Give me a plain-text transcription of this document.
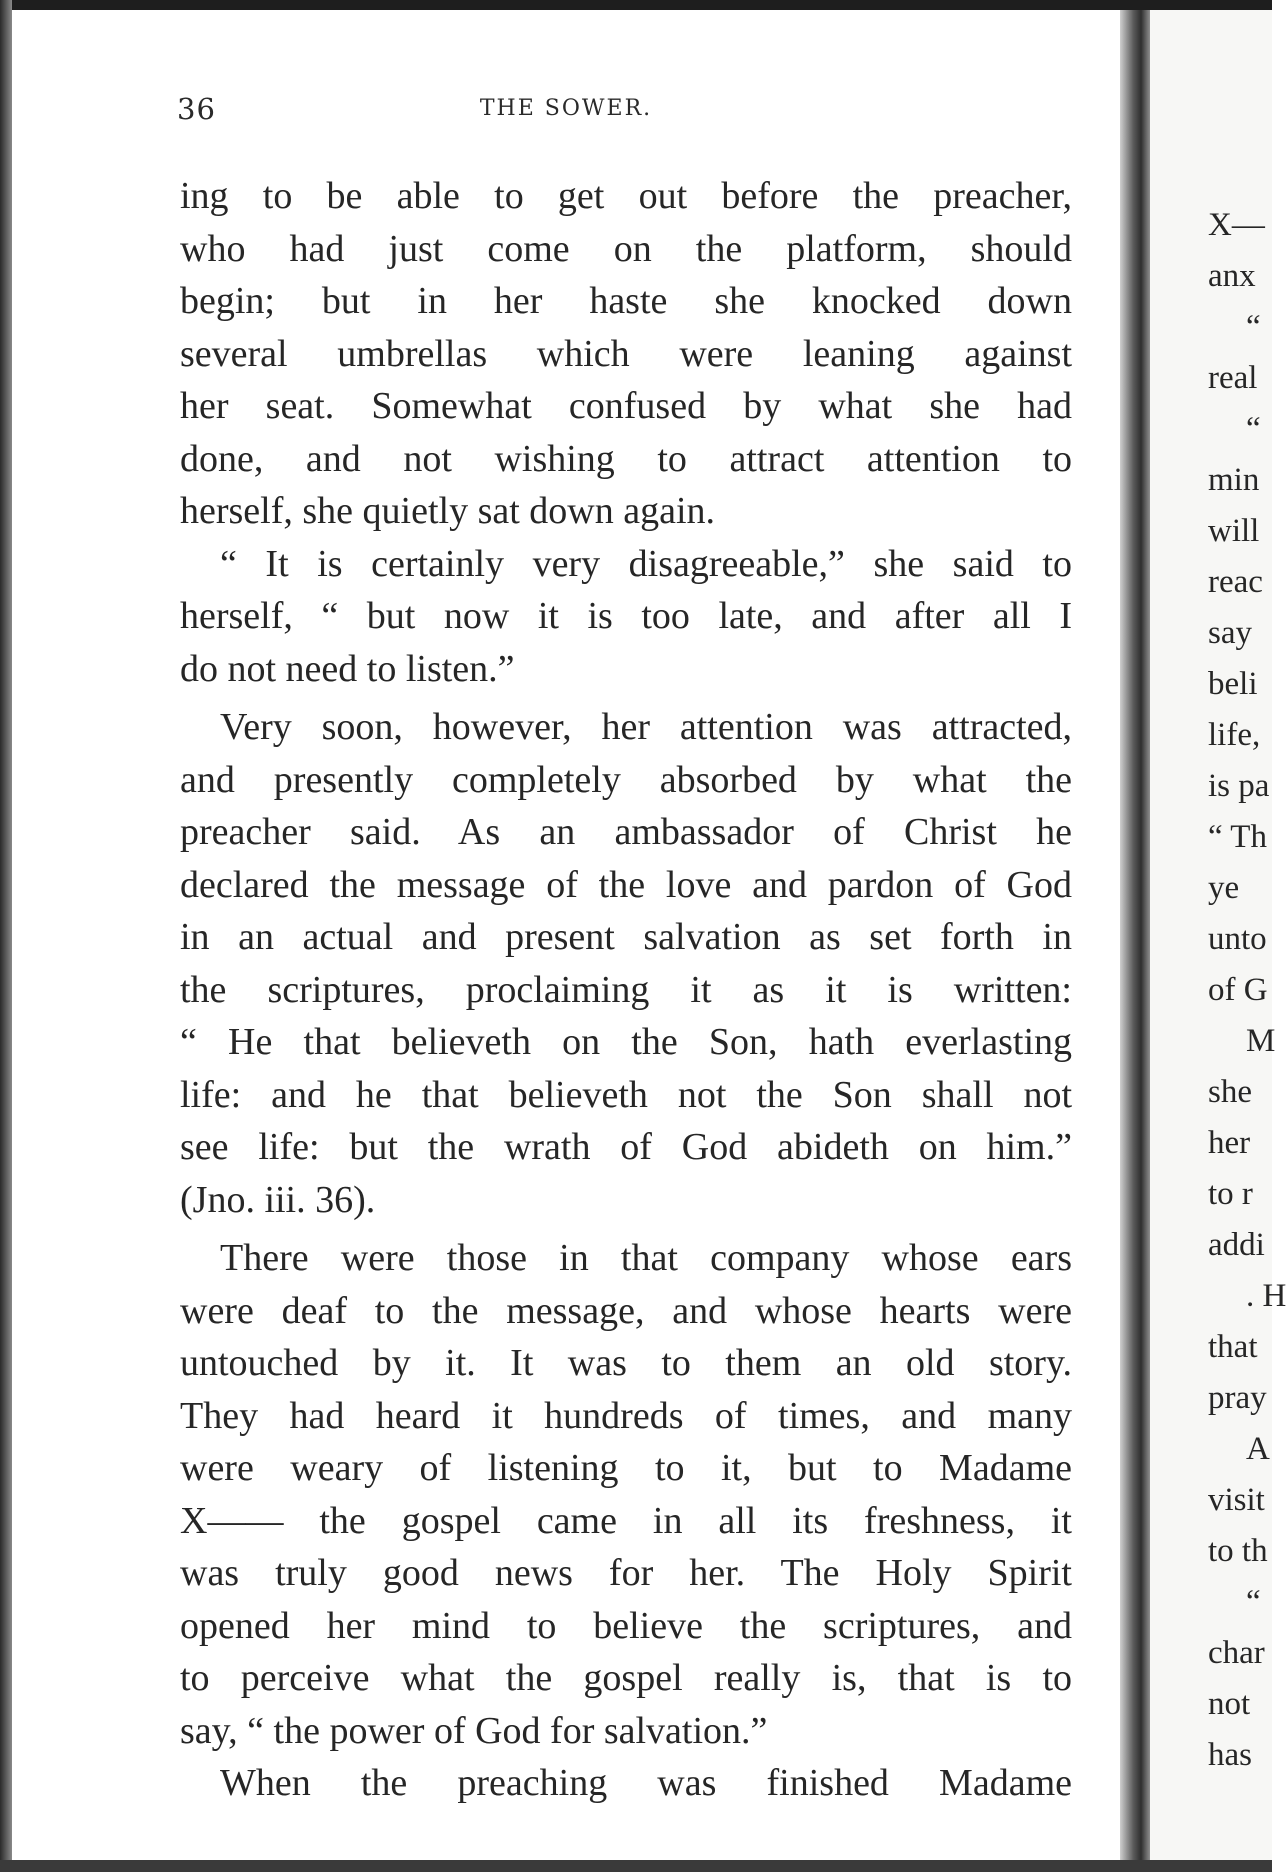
THE SOWER.
36
ing to be able to get out before the preacher,
who had just come on the platform, should
begin; but in her haste she knocked down
several umbrellas which were leaning against
her seat. Somewhat confused by what she had
done, and not wishing to attract attention to
herself, she quietly sat down again.
“ It is certainly very disagreeable,” she said to
herself, “ but now it is too late, and after all I
do not need to listen.”
Very soon, however, her attention was attracted,
and presently completely absorbed by what the
preacher said. As an ambassador of Christ he
declared the message of the love and pardon of God
in an actual and present salvation as set forth in
the scriptures, proclaiming it as it is written:
“ He that believeth on the Son, hath everlasting
life: and he that believeth not the Son shall not
see life: but the wrath of God abideth on him.”
(Jno. iii. 36).
There were those in that company whose ears
were deaf to the message, and whose hearts were
untouched by it. It was to them an old story.
They had heard it hundreds of times, and many
were weary of listening to it, but to Madame
X—— the gospel came in all its freshness, it
was truly good news for her. The Holy Spirit
opened her mind to believe the scriptures, and
to perceive what the gospel really is, that is to
say, “ the power of God for salvation.”
When the preaching was finished Madame
X—
anx
“
real
“
min
will
reac
say
beli
life,
is pa
“ Th
ye
unto
of G
M
she
her
to r
addi
. H
that
pray
A
visit
to th
“
char
not
has
